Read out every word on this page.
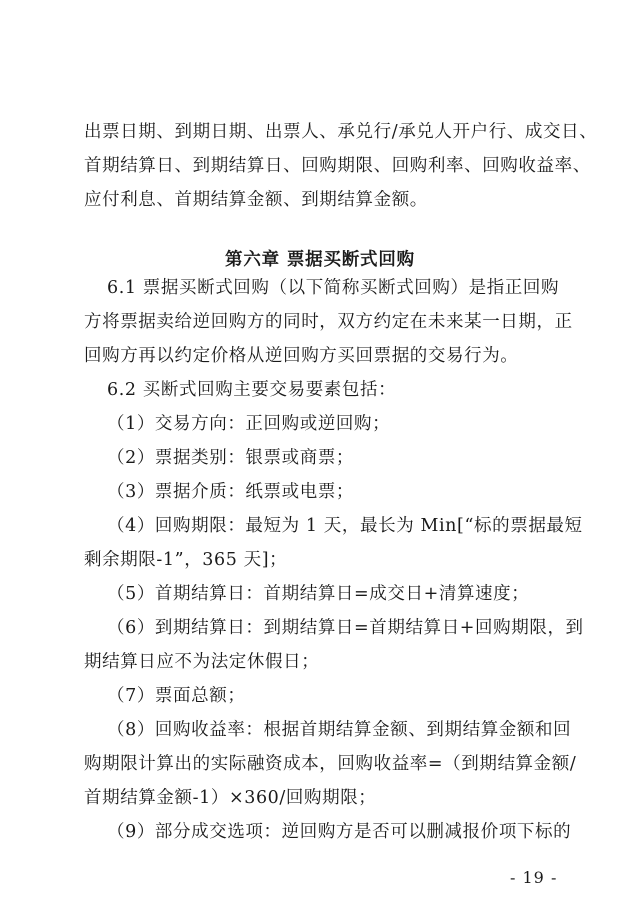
出票日期、到期日期、出票人、承兑行/承兑人开户行、成交日、
首期结算日、到期结算日、回购期限、回购利率、回购收益率、
应付利息、首期结算金额、到期结算金额。
第六章 票据买断式回购
6.1 票据买断式回购（以下简称买断式回购）是指正回购
方将票据卖给逆回购方的同时，双方约定在未来某一日期，正
回购方再以约定价格从逆回购方买回票据的交易行为。
6.2 买断式回购主要交易要素包括：
（1）交易方向：正回购或逆回购；
（2）票据类别：银票或商票；
（3）票据介质：纸票或电票；
（4）回购期限：最短为 1 天，最长为 Min[“标的票据最短
剩余期限-1”，365 天]；
（5）首期结算日：首期结算日=成交日+清算速度；
（6）到期结算日：到期结算日=首期结算日+回购期限，到
期结算日应不为法定休假日；
（7）票面总额；
（8）回购收益率：根据首期结算金额、到期结算金额和回
购期限计算出的实际融资成本，回购收益率=（到期结算金额/
首期结算金额-1）×360/回购期限；
（9）部分成交选项：逆回购方是否可以删减报价项下标的
- 19 -
